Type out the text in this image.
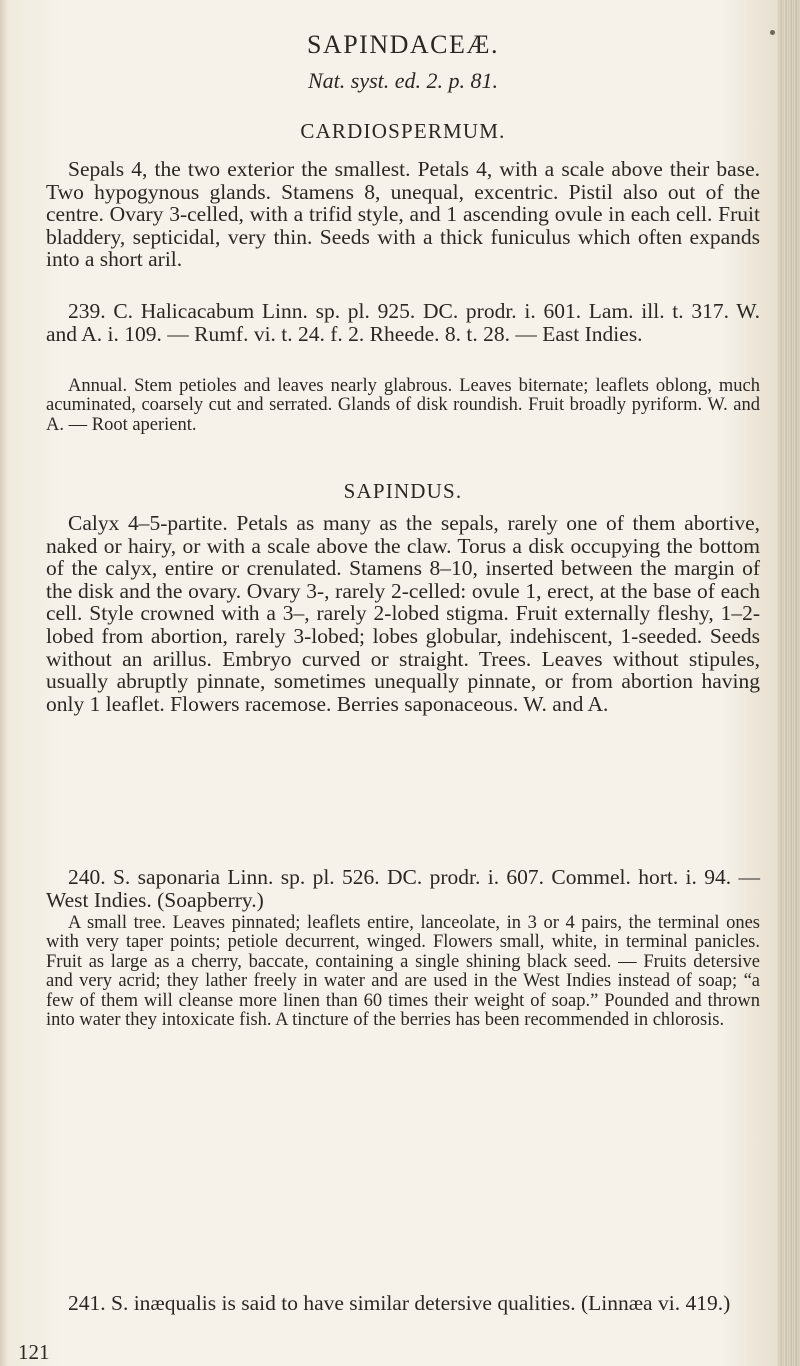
SAPINDACEÆ.
Nat. syst. ed. 2. p. 81.
CARDIOSPERMUM.

Sepals 4, the two exterior the smallest. Petals 4, with a scale above their base. Two hypogynous glands. Stamens 8, unequal, excentric. Pistil also out of the centre. Ovary 3-celled, with a trifid style, and 1 ascending ovule in each cell. Fruit bladdery, septicidal, very thin. Seeds with a thick funiculus which often expands into a short aril.

239. C. Halicacabum Linn. sp. pl. 925. DC. prodr. i. 601. Lam. ill. t. 317. W. and A. i. 109. — Rumf. vi. t. 24. f. 2. Rheede. 8. t. 28. — East Indies.

Annual. Stem petioles and leaves nearly glabrous. Leaves biternate; leaflets oblong, much acuminated, coarsely cut and serrated. Glands of disk roundish. Fruit broadly pyriform. W. and A. — Root aperient.

SAPINDUS.

Calyx 4–5-partite. Petals as many as the sepals, rarely one of them abortive, naked or hairy, or with a scale above the claw. Torus a disk occupying the bottom of the calyx, entire or crenulated. Stamens 8–10, inserted between the margin of the disk and the ovary. Ovary 3-, rarely 2-celled: ovule 1, erect, at the base of each cell. Style crowned with a 3–, rarely 2-lobed stigma. Fruit externally fleshy, 1–2-lobed from abortion, rarely 3-lobed; lobes globular, indehiscent, 1-seeded. Seeds without an arillus. Embryo curved or straight. Trees. Leaves without stipules, usually abruptly pinnate, sometimes unequally pinnate, or from abortion having only 1 leaflet. Flowers racemose. Berries saponaceous. W. and A.

240. S. saponaria Linn. sp. pl. 526. DC. prodr. i. 607. Commel. hort. i. 94. — West Indies. (Soapberry.)

A small tree. Leaves pinnated; leaflets entire, lanceolate, in 3 or 4 pairs, the terminal ones with very taper points; petiole decurrent, winged. Flowers small, white, in terminal panicles. Fruit as large as a cherry, baccate, containing a single shining black seed. — Fruits detersive and very acrid; they lather freely in water and are used in the West Indies instead of soap; “a few of them will cleanse more linen than 60 times their weight of soap.” Pounded and thrown into water they intoxicate fish. A tincture of the berries has been recommended in chlorosis.

241. S. inæqualis is said to have similar detersive qualities. (Linnæa vi. 419.)

121
